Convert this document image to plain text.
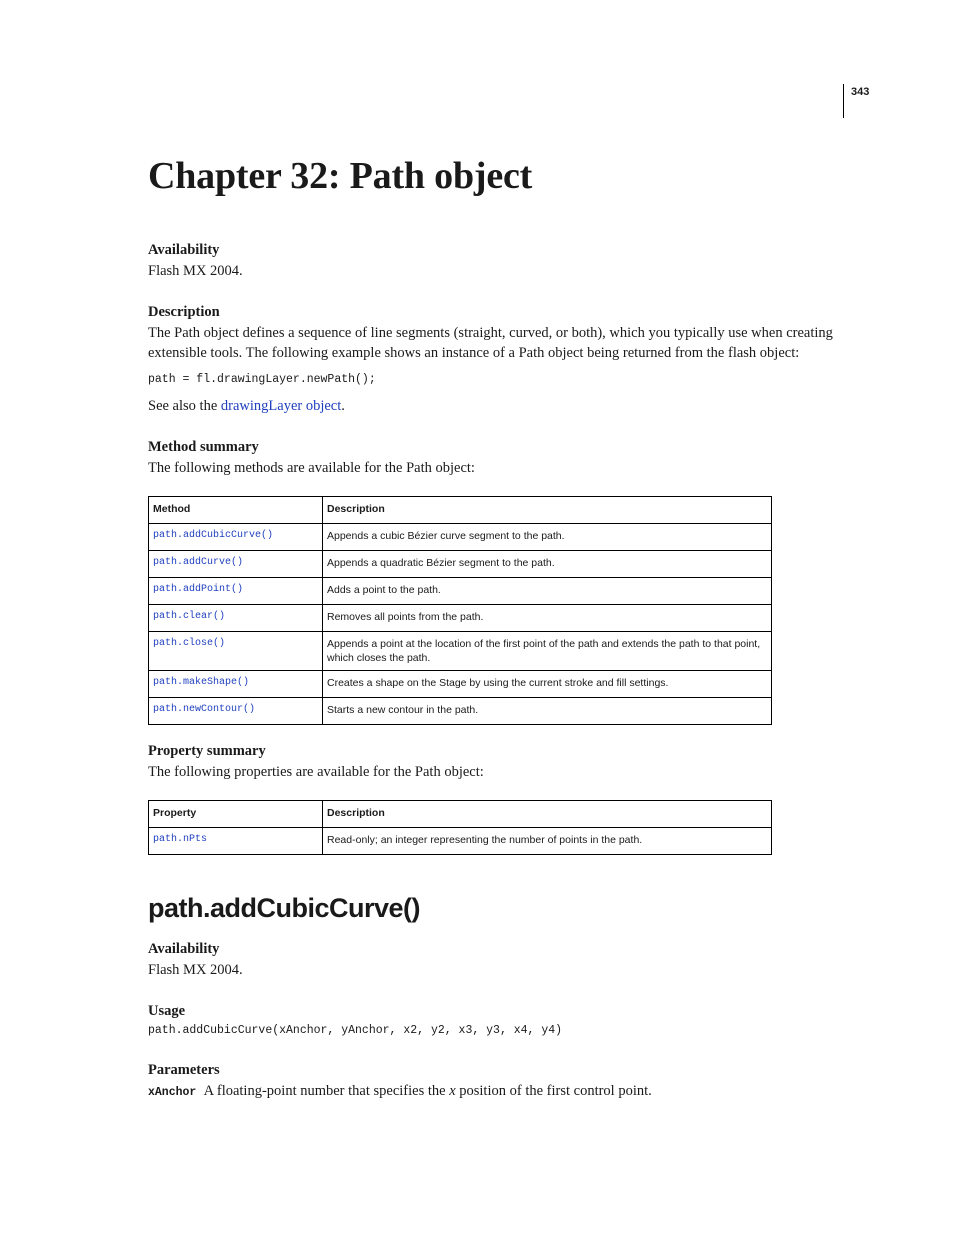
343
Chapter 32: Path object
Availability
Flash MX 2004.
Description
The Path object defines a sequence of line segments (straight, curved, or both), which you typically use when creating extensible tools. The following example shows an instance of a Path object being returned from the flash object:
path = fl.drawingLayer.newPath();
See also the drawingLayer object.
Method summary
The following methods are available for the Path object:
Method	Description
path.addCubicCurve()	Appends a cubic Bézier curve segment to the path.
path.addCurve()	Appends a quadratic Bézier segment to the path.
path.addPoint()	Adds a point to the path.
path.clear()	Removes all points from the path.
path.close()	Appends a point at the location of the first point of the path and extends the path to that point, which closes the path.
path.makeShape()	Creates a shape on the Stage by using the current stroke and fill settings.
path.newContour()	Starts a new contour in the path.
Property summary
The following properties are available for the Path object:
Property	Description
path.nPts	Read-only; an integer representing the number of points in the path.
path.addCubicCurve()
Availability
Flash MX 2004.
Usage
path.addCubicCurve(xAnchor, yAnchor, x2, y2, x3, y3, x4, y4)
Parameters
xAnchor A floating-point number that specifies the x position of the first control point.
